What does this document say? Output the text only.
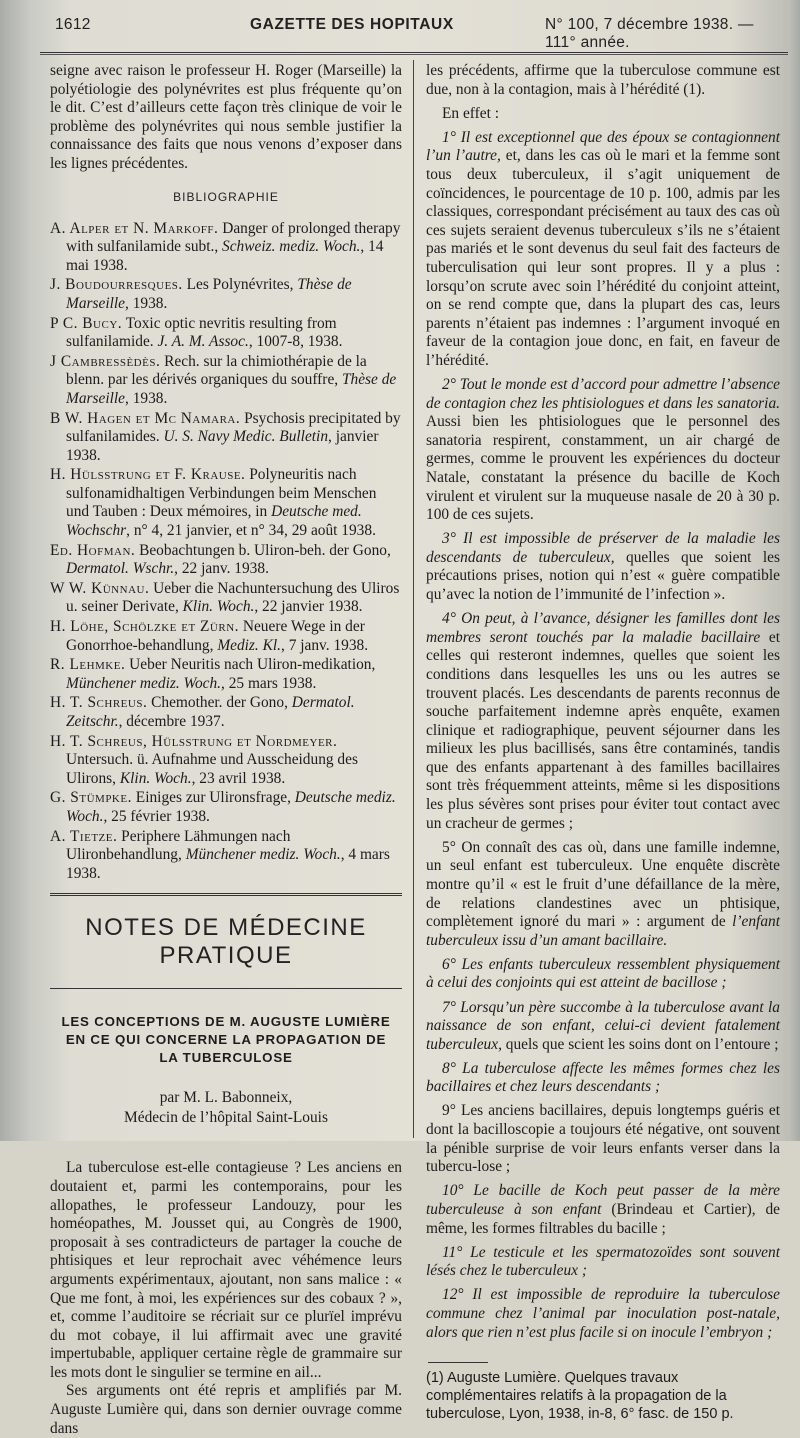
1612	GAZETTE DES HOPITAUX	N° 100, 7 décembre 1938. — 111° année.

seigne avec raison le professeur H. Roger (Marseille) la polyétiologie des polynévrites est plus fréquente qu’on le dit. C’est d’ailleurs cette façon très clinique de voir le problème des polynévrites qui nous semble justifier la connaissance des faits que nous venons d’exposer dans les lignes précédentes.

BIBLIOGRAPHIE
A. Alper et N. Markoff. Danger of prolonged therapy with sulfanilamide subt., Schweiz. mediz. Woch., 14 mai 1938.
J. Boudourresques. Les Polynévrites, Thèse de Marseille, 1938.
P C. Bucy. Toxic optic nevritis resulting from sulfanilamide. J. A. M. Assoc., 1007-8, 1938.
J Cambressèdès. Rech. sur la chimiothérapie de la blenn. par les dérivés organiques du souffre, Thèse de Marseille, 1938.
B W. Hagen et Mc Namara. Psychosis precipitated by sulfanilamides. U. S. Navy Medic. Bulletin, janvier 1938.
H. Hülsstrung et F. Krause. Polyneuritis nach sulfonamidhaltigen Verbindungen beim Menschen und Tauben : Deux mémoires, in Deutsche med. Wochschr, n° 4, 21 janvier, et n° 34, 29 août 1938.
Ed. Hofman. Beobachtungen b. Uliron-beh. der Gono, Dermatol. Wschr., 22 janv. 1938.
W W. Künnau. Ueber die Nachuntersuchung des Uliros u. seiner Derivate, Klin. Woch., 22 janvier 1938.
H. Löhe, Schölzke et Zürn. Neuere Wege in der Gonorrhoe-behandlung, Mediz. Kl., 7 janv. 1938.
R. Lehmke. Ueber Neuritis nach Uliron-medikation, Münchener mediz. Woch., 25 mars 1938.
H. T. Schreus. Chemother. der Gono, Dermatol. Zeitschr., décembre 1937.
H. T. Schreus, Hülsstrung et Nordmeyer. Untersuch. ü. Aufnahme und Ausscheidung des Ulirons, Klin. Woch., 23 avril 1938.
G. Stümpke. Einiges zur Ulironsfrage, Deutsche mediz. Woch., 25 février 1938.
A. Tietze. Periphere Lähmungen nach Ulironbehandlung, Münchener mediz. Woch., 4 mars 1938.
NOTES DE MÉDECINE PRATIQUE
LES CONCEPTIONS DE M. AUGUSTE LUMIÈRE EN CE QUI CONCERNE LA PROPAGATION DE LA TUBERCULOSE
par M. L. Babonneix,
Médecin de l’hôpital Saint-Louis

La tuberculose est-elle contagieuse ? Les anciens en doutaient et, parmi les contemporains, pour les allopathes, le professeur Landouzy, pour les homéopathes, M. Jousset qui, au Congrès de 1900, proposait à ses contradicteurs de partager la couche de phtisiques et leur reprochait avec véhémence leurs arguments expérimentaux, ajoutant, non sans malice : « Que me font, à moi, les expériences sur des cobaux ? », et, comme l’auditoire se récriait sur ce plurïel imprévu du mot cobaye, il lui affirmait avec une gravité impertubable, appliquer certaine règle de grammaire sur les mots dont le singulier se termine en ail...

Ses arguments ont été repris et amplifiés par M. Auguste Lumière qui, dans son dernier ouvrage comme dans

les précédents, affirme que la tuberculose commune est due, non à la contagion, mais à l’hérédité (1).

En effet :

1° Il est exceptionnel que des époux se contagionnent l’un l’autre, et, dans les cas où le mari et la femme sont tous deux tuberculeux, il s’agit uniquement de coïncidences, le pourcentage de 10 p. 100, admis par les classiques, correspondant précisément au taux des cas où ces sujets seraient devenus tuberculeux s’ils ne s’étaient pas mariés et le sont devenus du seul fait des facteurs de tuberculisation qui leur sont propres. Il y a plus : lorsqu’on scrute avec soin l’hérédité du conjoint atteint, on se rend compte que, dans la plupart des cas, leurs parents n’étaient pas indemnes : l’argument invoqué en faveur de la contagion joue donc, en fait, en faveur de l’hérédité.

2° Tout le monde est d’accord pour admettre l’absence de contagion chez les phtisiologues et dans les sanatoria. Aussi bien les phtisiologues que le personnel des sanatoria respirent, constamment, un air chargé de germes, comme le prouvent les expériences du docteur Natale, constatant la présence du bacille de Koch virulent et virulent sur la muqueuse nasale de 20 à 30 p. 100 de ces sujets.

3° Il est impossible de préserver de la maladie les descendants de tuberculeux, quelles que soient les précautions prises, notion qui n’est « guère compatible qu’avec la notion de l’immunité de l’infection ».

4° On peut, à l’avance, désigner les familles dont les membres seront touchés par la maladie bacillaire et celles qui resteront indemnes, quelles que soient les conditions dans lesquelles les uns ou les autres se trouvent placés. Les descendants de parents reconnus de souche parfaitement indemne après enquête, examen clinique et radiographique, peuvent séjourner dans les milieux les plus bacillisés, sans être contaminés, tandis que des enfants appartenant à des familles bacillaires sont très fréquemment atteints, même si les dispositions les plus sévères sont prises pour éviter tout contact avec un cracheur de germes ;

5° On connaît des cas où, dans une famille indemne, un seul enfant est tuberculeux. Une enquête discrète montre qu’il « est le fruit d’une défaillance de la mère, de relations clandestines avec un phtisique, complètement ignoré du mari » : argument de l’enfant tuberculeux issu d’un amant bacillaire.

6° Les enfants tuberculeux ressemblent physiquement à celui des conjoints qui est atteint de bacillose ;

7° Lorsqu’un père succombe à la tuberculose avant la naissance de son enfant, celui-ci devient fatalement tuberculeux, quels que scient les soins dont on l’entoure ;

8° La tuberculose affecte les mêmes formes chez les bacillaires et chez leurs descendants ;

9° Les anciens bacillaires, depuis longtemps guéris et dont la bacilloscopie a toujours été négative, ont souvent la pénible surprise de voir leurs enfants verser dans la tubercu-lose ;

10° Le bacille de Koch peut passer de la mère tuberculeuse à son enfant (Brindeau et Cartier), de même, les formes filtrables du bacille ;

11° Le testicule et les spermatozoïdes sont souvent lésés chez le tuberculeux ;

12° Il est impossible de reproduire la tuberculose commune chez l’animal par inoculation post-natale, alors que rien n’est plus facile si on inocule l’embryon ;

(1) Auguste Lumière. Quelques travaux complémentaires relatifs à la propagation de la tuberculose, Lyon, 1938, in-8, 6° fasc. de 150 p.
